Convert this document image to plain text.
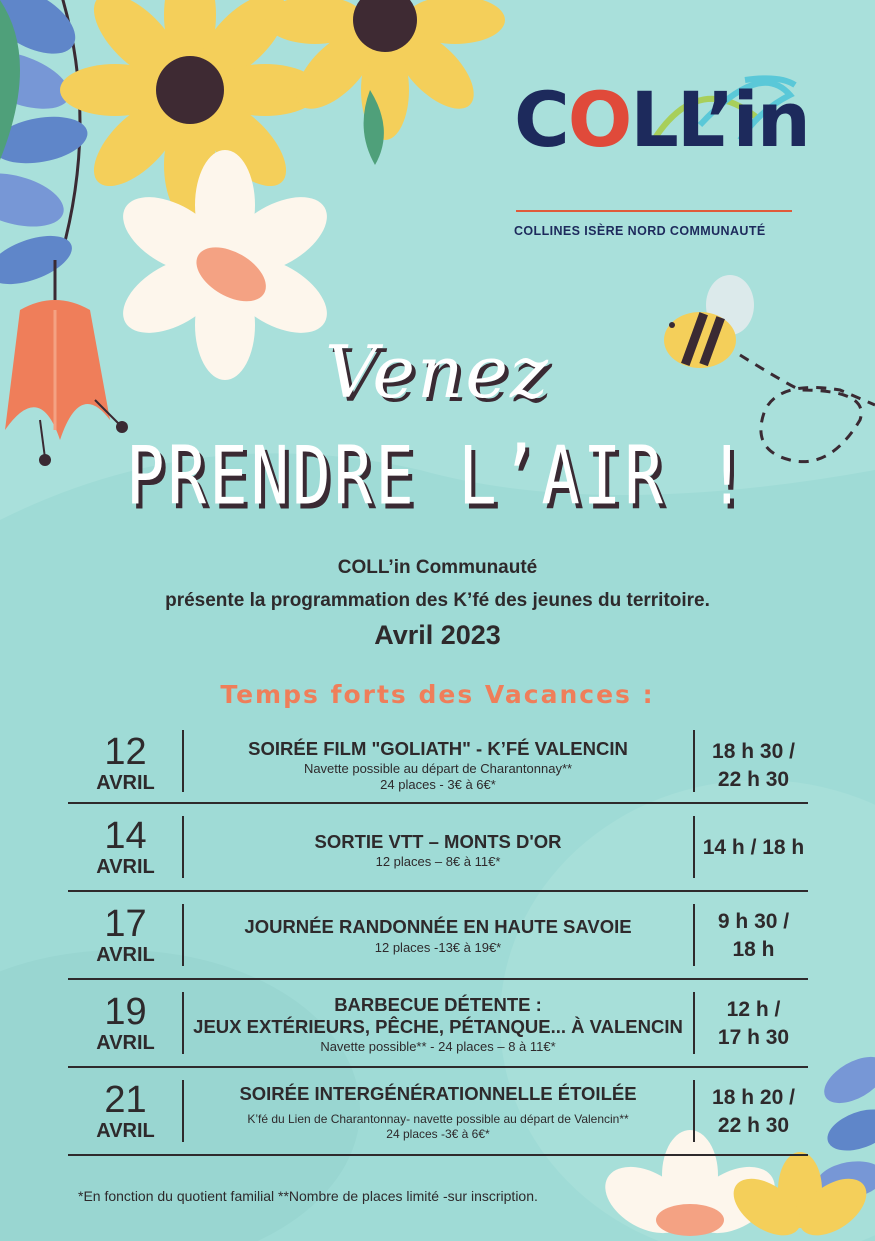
COLL’in
COLLINES ISÈRE NORD COMMUNAUTÉ
Venez
PRENDRE L’AIR !
COLL’in Communauté
présente la programmation des K’fé des jeunes du territoire.
Avril 2023
Temps forts des Vacances :
12
AVRIL
SOIRÉE FILM "GOLIATH" - K’FÉ VALENCIN
Navette possible au départ de Charantonnay**
24 places - 3€ à 6€*
18 h 30 /
22 h 30
14
AVRIL
SORTIE VTT – MONTS D'OR
12 places – 8€ à 11€*
14 h / 18 h
17
AVRIL
JOURNÉE RANDONNÉE EN HAUTE SAVOIE
12 places -13€ à 19€*
9 h 30 /
18 h
19
AVRIL
BARBECUE DÉTENTE :
JEUX EXTÉRIEURS, PÊCHE, PÉTANQUE... À VALENCIN
Navette possible** - 24 places – 8 à 11€*
12 h /
17 h 30
21
AVRIL
SOIRÉE INTERGÉNÉRATIONNELLE ÉTOILÉE
K’fé du Lien de Charantonnay- navette possible au départ de Valencin**
24 places -3€ à 6€*
18 h 20 /
22 h 30
*En fonction du quotient familial **Nombre de places limité -sur inscription.
